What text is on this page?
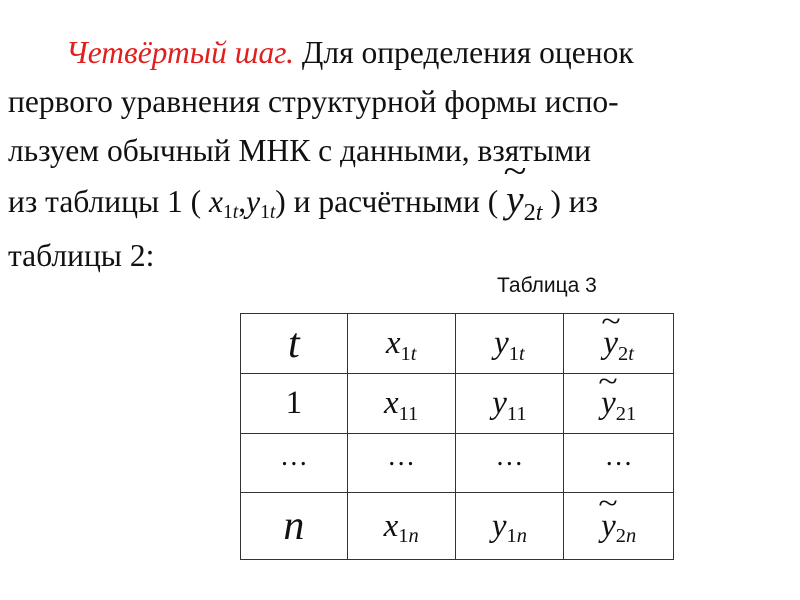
Четвёртый шаг. Для определения оценок
первого уравнения структурной формы испо-
льзуем обычный МНК с данными, взятыми
из таблицы 1 ( x1t,y1t) и расчётными ( ~ y2t ) из
таблицы 2:
Таблица 3
t	x1t	y1t	~ y2t
1	x11	y11	~ y21
…	…	…	…
n	x1n	y1n	~ y2n
